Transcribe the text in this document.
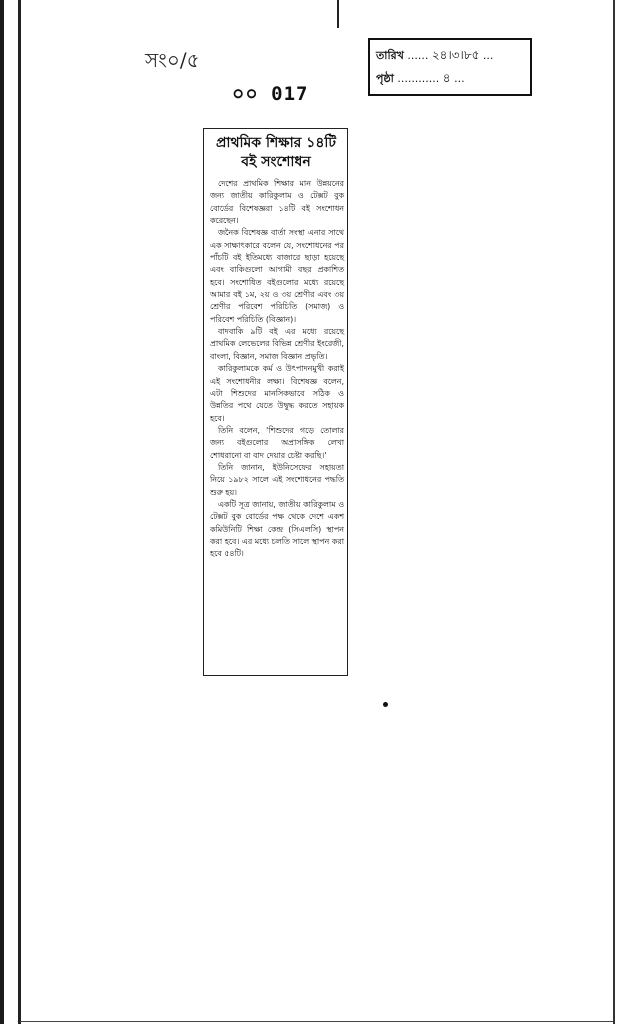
সং০/৫
০০ 017
তারিখ ...... ২৪।৩।৮৫ ...
পৃষ্ঠা ............ ৪ ...
প্রাথমিক শিক্ষার ১৪টি
বই সংশোধন

দেশের প্রাথমিক শিক্ষার মান উন্নয়নের জন্য জাতীয় কারিকুলাম ও টেক্সট বুক বোর্ডের বিশেষজ্ঞরা ১৪টি বই সংশোধন করেছেন।

জনৈক বিশেষজ্ঞ বার্তা সংস্থা এনার সাথে এক সাক্ষাৎকারে বলেন যে, সংশোধনের পর পাঁচটি বই ইতিমধ্যে বাজারে ছাড়া হয়েছে এবং বাকিগুলো আগামী বছর প্রকাশিত হবে। সংশোধিত বইগুলোর মধ্যে রয়েছে আমার বই ১ম, ২য় ও ৩য় শ্রেণীর এবং ৩য় শ্রেণীর পরিবেশ পরিচিতি (সমাজ) ও পরিবেশ পরিচিতি (বিজ্ঞান)।

বাদবাকি ৯টি বই এর মধ্যে রয়েছে প্রাথমিক লেভেলের বিভিন্ন শ্রেণীর ইংরেজী, বাংলা, বিজ্ঞান, সমাজ বিজ্ঞান প্রভৃতি।

কারিকুলামকে কর্ম ও উৎপাদনমুখী করাই এই সংশোধনীর লক্ষ্য। বিশেষজ্ঞ বলেন, এটা শিশুদের মানসিকভাবে সঠিক ও উন্নতির পথে যেতে উদ্বুদ্ধ করতে সহায়ক হবে।

তিনি বলেন, 'শিশুদের গড়ে তোলার জন্য বইগুলোর অপ্রাসঙ্গিক লেখা শোধরানো বা বাদ দেয়ার চেষ্টা করছি।'

তিনি জানান, ইউনিসেফের সহায়তা নিয়ে ১৯৮২ সালে এই সংশোধনের পদ্ধতি শুরু হয়।

একটি সূত্র জানায়, জাতীয় কারিকুলাম ও টেক্সট বুক বোর্ডের পক্ষ থেকে দেশে একশ কমিউনিটি শিক্ষা কেন্দ্র (সিএলসি) স্থাপন করা হবে। এর মধ্যে চলতি সালে স্থাপন করা হবে ৫৪টি।
